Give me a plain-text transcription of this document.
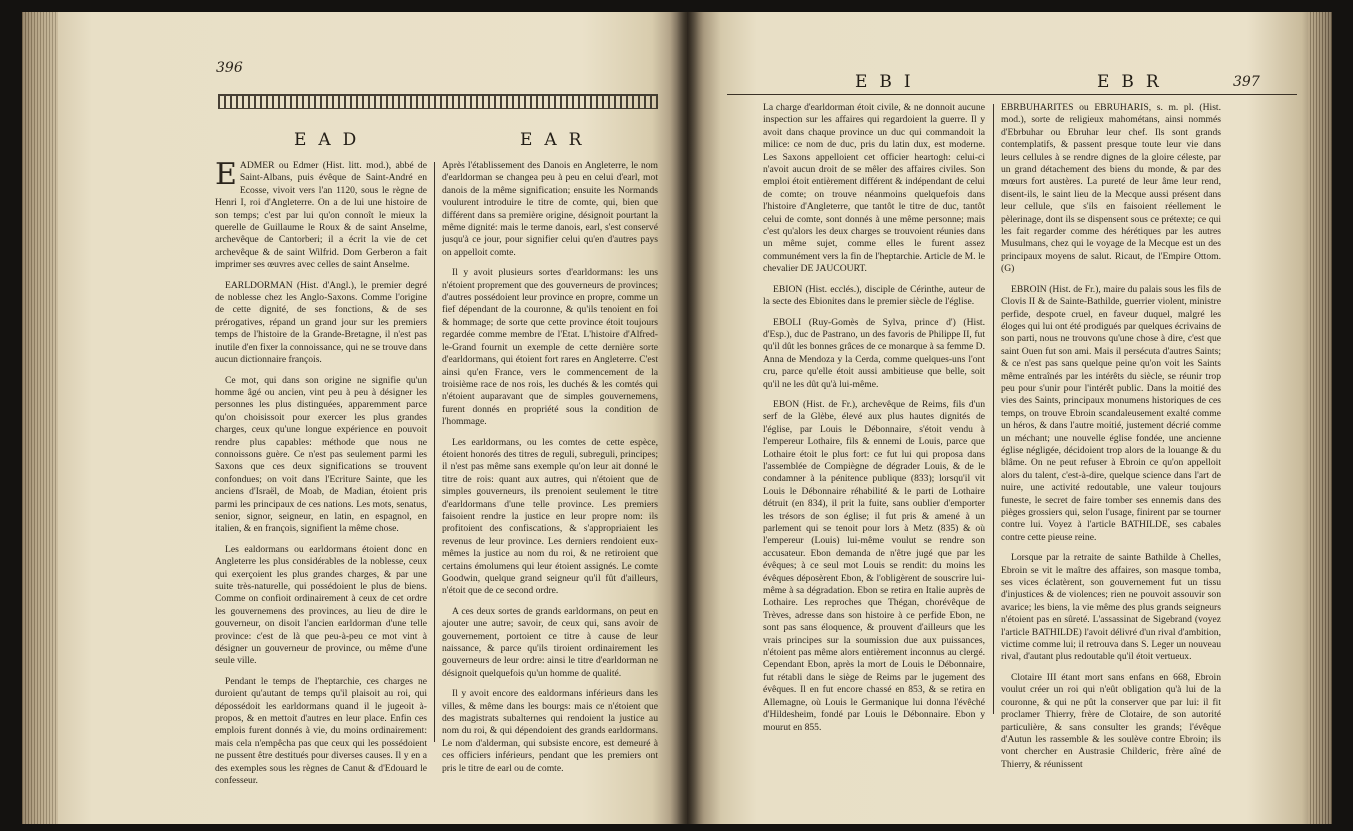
396
EAD	EAR

EADMER ou Edmer (Hist. litt. mod.), abbé de Saint-Albans, puis évêque de Saint-André en Ecosse, vivoit vers l'an 1120, sous le règne de Henri I, roi d'Angleterre. On a de lui une histoire de son temps; c'est par lui qu'on connoît le mieux la querelle de Guillaume le Roux & de saint Anselme, archevêque de Cantorberi; il a écrit la vie de cet archevêque & de saint Wilfrid. Dom Gerberon a fait imprimer ses œuvres avec celles de saint Anselme.

EARLDORMAN (Hist. d'Angl.), le premier degré de noblesse chez les Anglo-Saxons. Comme l'origine de cette dignité, de ses fonctions, & de ses prérogatives, répand un grand jour sur les premiers temps de l'histoire de la Grande-Bretagne, il n'est pas inutile d'en fixer la connoissance, qui ne se trouve dans aucun dictionnaire françois.

Ce mot, qui dans son origine ne signifie qu'un homme âgé ou ancien, vint peu à peu à désigner les personnes les plus distinguées, apparemment parce qu'on choisissoit pour exercer les plus grandes charges, ceux qu'une longue expérience en pouvoit rendre plus capables: méthode que nous ne connoissons guère. Ce n'est pas seulement parmi les Saxons que ces deux significations se trouvent confondues; on voit dans l'Ecriture Sainte, que les anciens d'Israël, de Moab, de Madian, étoient pris parmi les principaux de ces nations. Les mots, senatus, senior, signor, seigneur, en latin, en espagnol, en italien, & en françois, signifient la même chose.

Les ealdormans ou earldormans étoient donc en Angleterre les plus considérables de la noblesse, ceux qui exerçoient les plus grandes charges, & par une suite très-naturelle, qui possédoient le plus de biens. Comme on confioit ordinairement à ceux de cet ordre les gouvernemens des provinces, au lieu de dire le gouverneur, on disoit l'ancien earldorman d'une telle province: c'est de là que peu-à-peu ce mot vint à désigner un gouverneur de province, ou même d'une seule ville.

Pendant le temps de l'heptarchie, ces charges ne duroient qu'autant de temps qu'il plaisoit au roi, qui dépossédoit les earldormans quand il le jugeoit à-propos, & en mettoit d'autres en leur place. Enfin ces emplois furent donnés à vie, du moins ordinairement: mais cela n'empêcha pas que ceux qui les possédoient ne pussent être destitués pour diverses causes. Il y en a des exemples sous les règnes de Canut & d'Edouard le confesseur.

Après l'établissement des Danois en Angleterre, le nom d'earldorman se changea peu à peu en celui d'earl, mot danois de la même signification; ensuite les Normands voulurent introduire le titre de comte, qui, bien que différent dans sa première origine, désignoit pourtant la même dignité: mais le terme danois, earl, s'est conservé jusqu'à ce jour, pour signifier celui qu'en d'autres pays on appelloit comte.

Il y avoit plusieurs sortes d'earldormans: les uns n'étoient proprement que des gouverneurs de provinces; d'autres possédoient leur province en propre, comme un fief dépendant de la couronne, & qu'ils tenoient en foi & hommage; de sorte que cette province étoit toujours regardée comme membre de l'Etat. L'histoire d'Alfred-le-Grand fournit un exemple de cette dernière sorte d'earldormans, qui étoient fort rares en Angleterre. C'est ainsi qu'en France, vers le commencement de la troisième race de nos rois, les duchés & les comtés qui n'étoient auparavant que de simples gouvernemens, furent donnés en propriété sous la condition de l'hommage.

Les earldormans, ou les comtes de cette espèce, étoient honorés des titres de reguli, subreguli, principes; il n'est pas même sans exemple qu'on leur ait donné le titre de rois: quant aux autres, qui n'étoient que de simples gouverneurs, ils prenoient seulement le titre d'earldormans d'une telle province. Les premiers faisoient rendre la justice en leur propre nom: ils profitoient des confiscations, & s'appropriaient les revenus de leur province. Les derniers rendoient eux-mêmes la justice au nom du roi, & ne retiroient que certains émolumens qui leur étoient assignés. Le comte Goodwin, quelque grand seigneur qu'il fût d'ailleurs, n'étoit que de ce second ordre.

A ces deux sortes de grands earldormans, on peut en ajouter une autre; savoir, de ceux qui, sans avoir de gouvernement, portoient ce titre à cause de leur naissance, & parce qu'ils tiroient ordinairement les gouverneurs de leur ordre: ainsi le titre d'earldorman ne désignoit quelquefois qu'un homme de qualité.

Il y avoit encore des ealdormans inférieurs dans les villes, & même dans les bourgs: mais ce n'étoient que des magistrats subalternes qui rendoient la justice au nom du roi, & qui dépendoient des grands earldormans. Le nom d'alderman, qui subsiste encore, est demeuré à ces officiers inférieurs, pendant que les premiers ont pris le titre de earl ou de comte.

397
EBI	EBR

La charge d'earldorman étoit civile, & ne donnoit aucune inspection sur les affaires qui regardoient la guerre. Il y avoit dans chaque province un duc qui commandoit la milice: ce nom de duc, pris du latin dux, est moderne. Les Saxons appelloient cet officier heartogh: celui-ci n'avoit aucun droit de se mêler des affaires civiles. Son emploi étoit entièrement différent & indépendant de celui de comte; on trouve néanmoins quelquefois dans l'histoire d'Angleterre, que tantôt le titre de duc, tantôt celui de comte, sont donnés à une même personne; mais c'est qu'alors les deux charges se trouvoient réunies dans un même sujet, comme elles le furent assez communément vers la fin de l'heptarchie. Article de M. le chevalier DE JAUCOURT.

EBION (Hist. ecclés.), disciple de Cérinthe, auteur de la secte des Ebionites dans le premier siècle de l'église.

EBOLI (Ruy-Gomès de Sylva, prince d') (Hist. d'Esp.), duc de Pastrano, un des favoris de Philippe II, fut qu'il dût les bonnes grâces de ce monarque à sa femme D. Anna de Mendoza y la Cerda, comme quelques-uns l'ont cru, parce qu'elle étoit aussi ambitieuse que belle, soit qu'il ne les dût qu'à lui-même.

EBON (Hist. de Fr.), archevêque de Reims, fils d'un serf de la Glèbe, élevé aux plus hautes dignités de l'église, par Louis le Débonnaire, s'étoit vendu à l'empereur Lothaire, fils & ennemi de Louis, parce que Lothaire étoit le plus fort: ce fut lui qui proposa dans l'assemblée de Compiègne de dégrader Louis, & de le condamner à la pénitence publique (833); lorsqu'il vit Louis le Débonnaire réhabilité & le parti de Lothaire détruit (en 834), il prit la fuite, sans oublier d'emporter les trésors de son église; il fut pris & amené à un parlement qui se tenoit pour lors à Metz (835) & où l'empereur (Louis) lui-même voulut se rendre son accusateur. Ebon demanda de n'être jugé que par les évêques; à ce seul mot Louis se rendit: du moins les évêques déposèrent Ebon, & l'obligèrent de souscrire lui-même à sa dégradation. Ebon se retira en Italie auprès de Lothaire. Les reproches que Thégan, chorévêque de Trèves, adresse dans son histoire à ce perfide Ebon, ne sont pas sans éloquence, & prouvent d'ailleurs que les vrais principes sur la soumission due aux puissances, n'étoient pas même alors entièrement inconnus au clergé. Cependant Ebon, après la mort de Louis le Débonnaire, fut rétabli dans le siège de Reims par le jugement des évêques. Il en fut encore chassé en 853, & se retira en Allemagne, où Louis le Germanique lui donna l'évêché d'Hildesheim, fondé par Louis le Débonnaire. Ebon y mourut en 855.

EBRBUHARITES ou EBRUHARIS, s. m. pl. (Hist. mod.), sorte de religieux mahométans, ainsi nommés d'Ebrbuhar ou Ebruhar leur chef. Ils sont grands contemplatifs, & passent presque toute leur vie dans leurs cellules à se rendre dignes de la gloire céleste, par un grand détachement des biens du monde, & par des mœurs fort austères. La pureté de leur âme leur rend, disent-ils, le saint lieu de la Mecque aussi présent dans leur cellule, que s'ils en faisoient réellement le pèlerinage, dont ils se dispensent sous ce prétexte; ce qui les fait regarder comme des hérétiques par les autres Musulmans, chez qui le voyage de la Mecque est un des principaux moyens de salut. Ricaut, de l'Empire Ottom. (G)

EBROIN (Hist. de Fr.), maire du palais sous les fils de Clovis II & de Sainte-Bathilde, guerrier violent, ministre perfide, despote cruel, en faveur duquel, malgré les éloges qui lui ont été prodigués par quelques écrivains de son parti, nous ne trouvons qu'une chose à dire, c'est que saint Ouen fut son ami. Mais il persécuta d'autres Saints; & ce n'est pas sans quelque peine qu'on voit les Saints même entraînés par les intérêts du siècle, se réunir trop peu pour s'unir pour l'intérêt public. Dans la moitié des vies des Saints, principaux monumens historiques de ces temps, on trouve Ebroin scandaleusement exalté comme un héros, & dans l'autre moitié, justement décrié comme un méchant; une nouvelle église fondée, une ancienne église négligée, décidoient trop alors de la louange & du blâme. On ne peut refuser à Ebroin ce qu'on appelloit alors du talent, c'est-à-dire, quelque science dans l'art de nuire, une activité redoutable, une valeur toujours funeste, le secret de faire tomber ses ennemis dans des pièges grossiers qui, selon l'usage, finirent par se tourner contre lui. Voyez à l'article BATHILDE, ses cabales contre cette pieuse reine.

Lorsque par la retraite de sainte Bathilde à Chelles, Ebroin se vit le maître des affaires, son masque tomba, ses vices éclatèrent, son gouvernement fut un tissu d'injustices & de violences; rien ne pouvoit assouvir son avarice; les biens, la vie même des plus grands seigneurs n'étoient pas en sûreté. L'assassinat de Sigebrand (voyez l'article BATHILDE) l'avoit délivré d'un rival d'ambition, victime comme lui; il retrouva dans S. Leger un nouveau rival, d'autant plus redoutable qu'il étoit vertueux.

Clotaire III étant mort sans enfans en 668, Ebroin voulut créer un roi qui n'eût obligation qu'à lui de la couronne, & qui ne pût la conserver que par lui: il fit proclamer Thierry, frère de Clotaire, de son autorité particulière, & sans consulter les grands; l'évêque d'Autun les rassemble & les soulève contre Ebroin; ils vont chercher en Austrasie Childeric, frère aîné de Thierry, & réunissent
